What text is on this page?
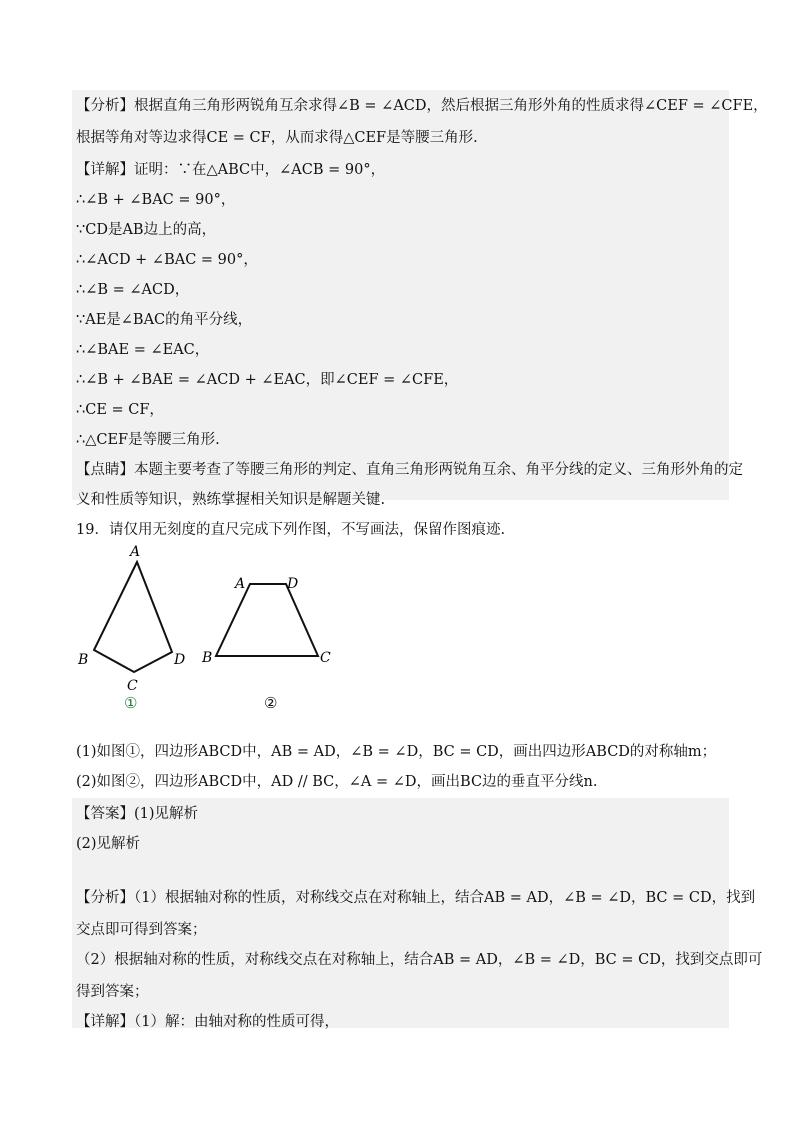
【分析】根据直角三角形两锐角互余求得∠B = ∠ACD，然后根据三角形外角的性质求得∠CEF = ∠CFE，
根据等角对等边求得CE = CF，从而求得△CEF是等腰三角形.
【详解】证明：∵在△ABC中，∠ACB = 90°，
∴∠B + ∠BAC = 90°，
∵CD是AB边上的高，
∴∠ACD + ∠BAC = 90°，
∴∠B = ∠ACD，
∵AE是∠BAC的角平分线，
∴∠BAE = ∠EAC，
∴∠B + ∠BAE = ∠ACD + ∠EAC，即∠CEF = ∠CFE，
∴CE = CF，
∴△CEF是等腰三角形.
【点睛】本题主要考查了等腰三角形的判定、直角三角形两锐角互余、角平分线的定义、三角形外角的定
义和性质等知识，熟练掌握相关知识是解题关键.
19．请仅用无刻度的直尺完成下列作图，不写画法，保留作图痕迹.
(1)如图①，四边形ABCD中，AB = AD，∠B = ∠D，BC = CD，画出四边形ABCD的对称轴m；
(2)如图②，四边形ABCD中，AD // BC，∠A = ∠D，画出BC边的垂直平分线n.
【答案】(1)见解析
(2)见解析
【分析】（1）根据轴对称的性质，对称线交点在对称轴上，结合AB = AD，∠B = ∠D，BC = CD，找到
交点即可得到答案；
（2）根据轴对称的性质，对称线交点在对称轴上，结合AB = AD，∠B = ∠D，BC = CD，找到交点即可
得到答案；
【详解】（1）解：由轴对称的性质可得，
A
B
C
D
①
A	D
B	C
②
